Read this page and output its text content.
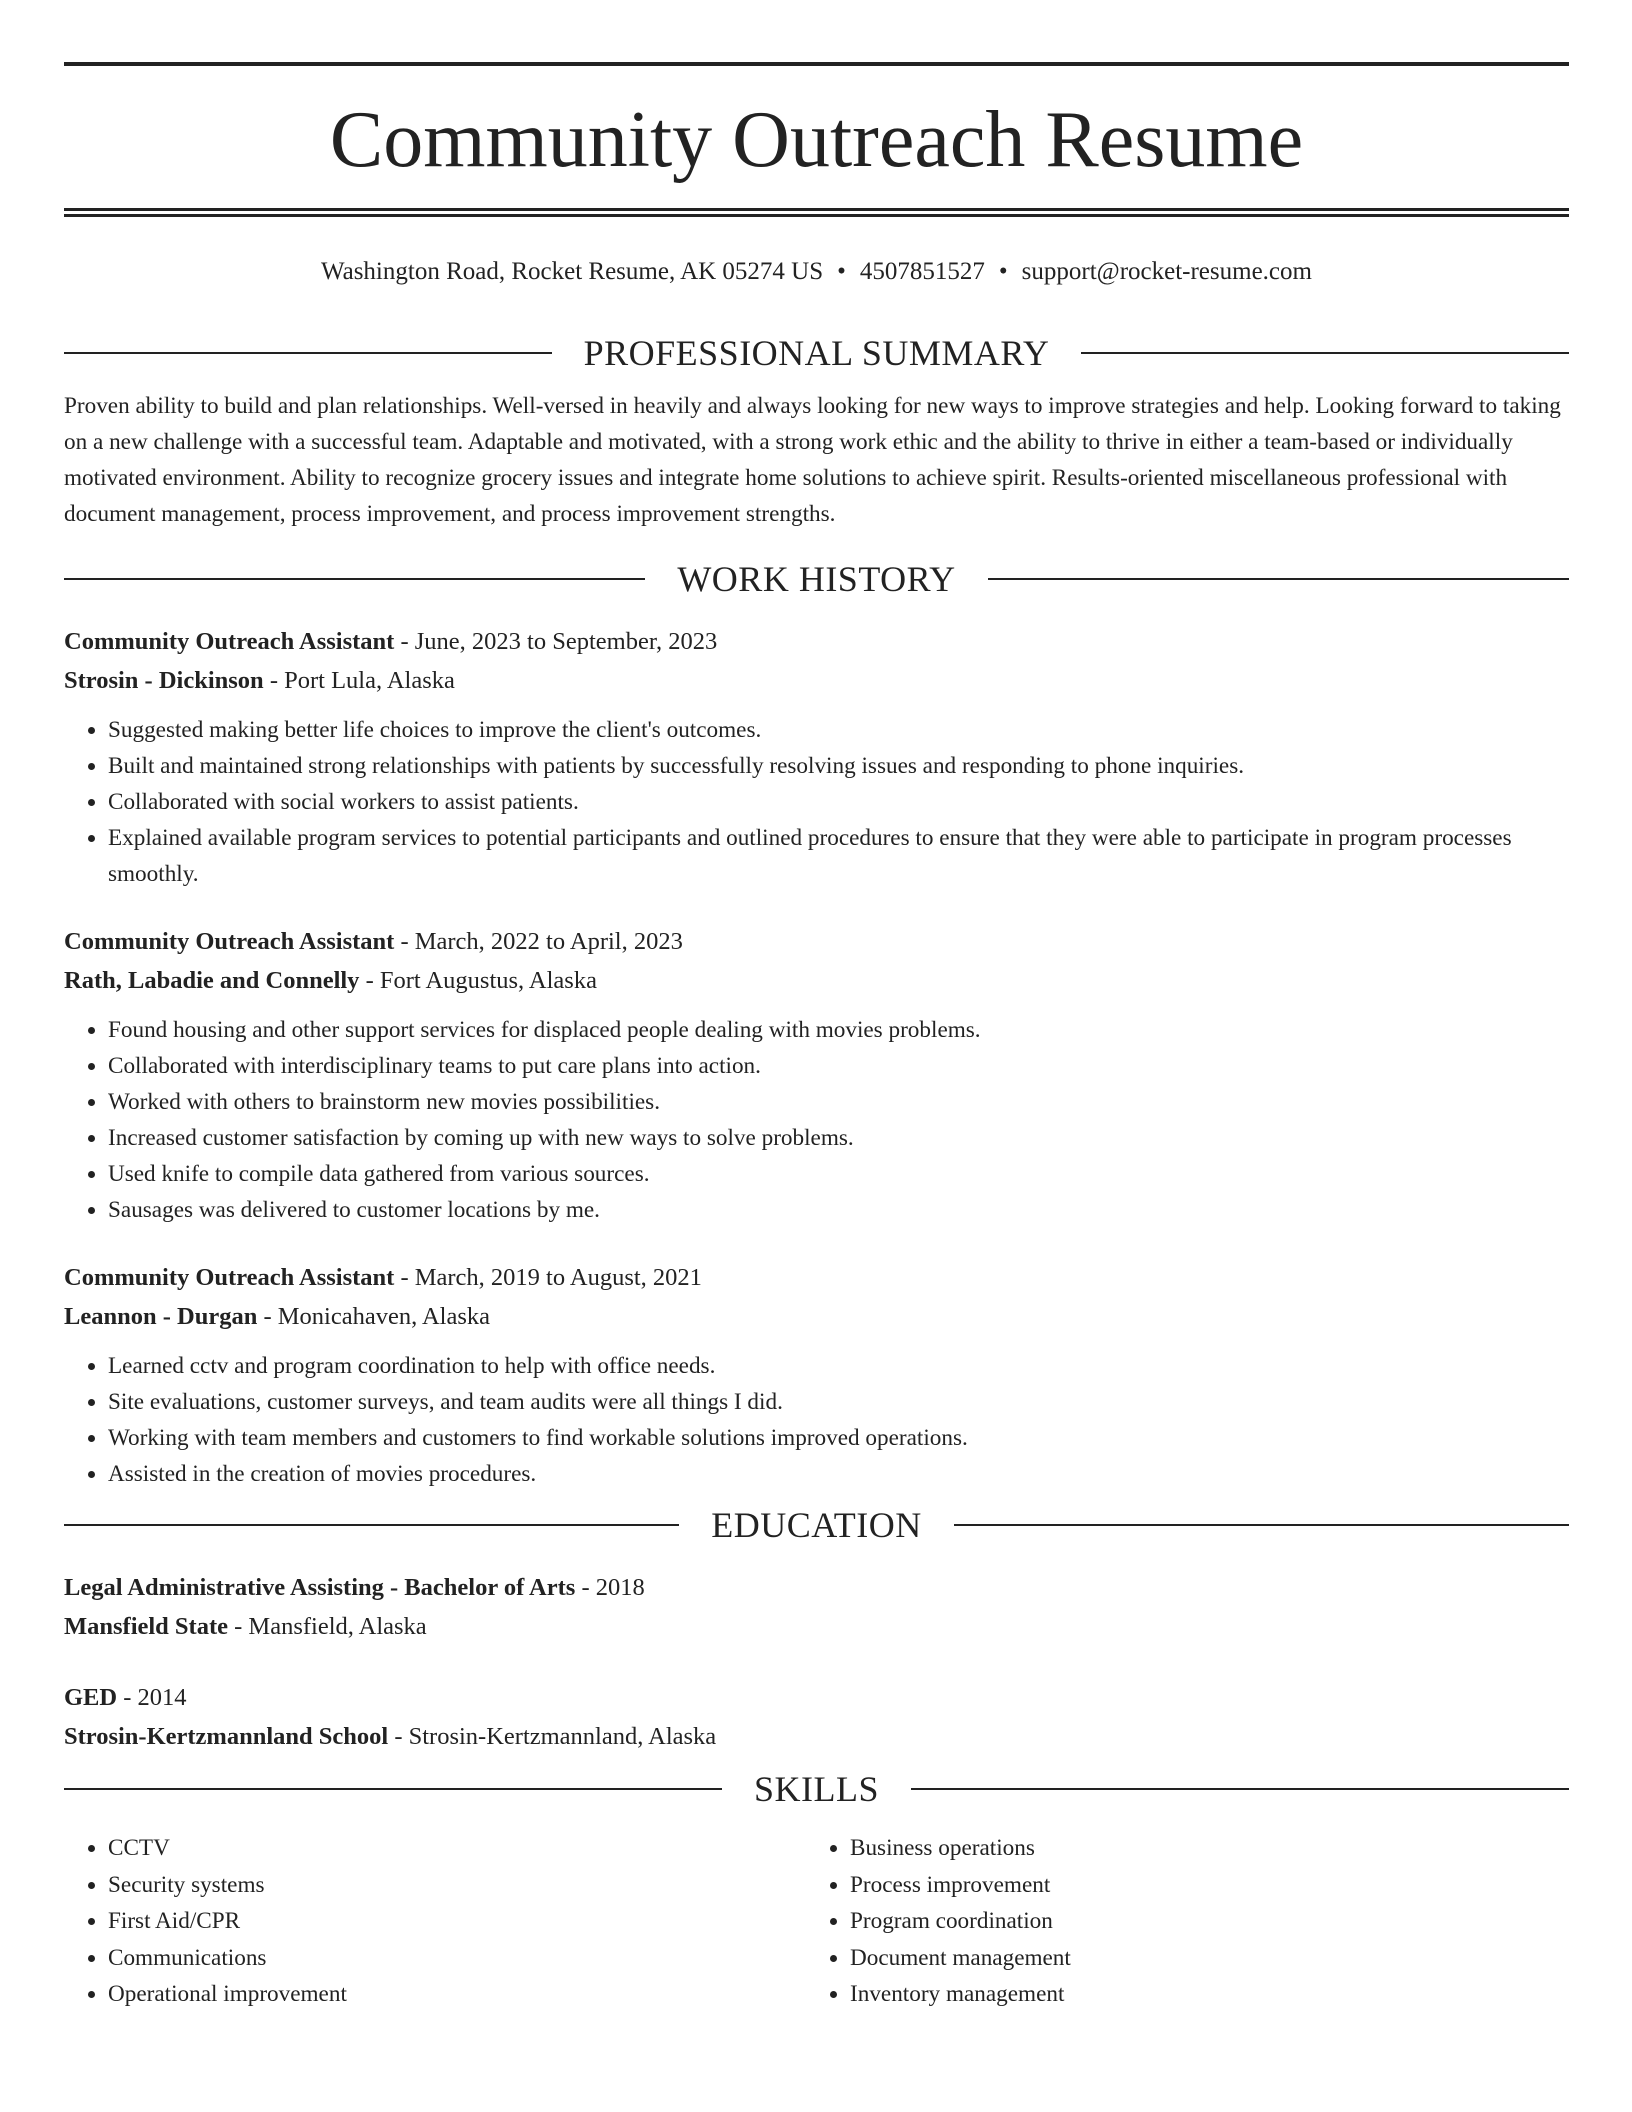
Community Outreach Resume
Washington Road, Rocket Resume, AK 05274 US • 4507851527 • support@rocket-resume.com
PROFESSIONAL SUMMARY

Proven ability to build and plan relationships. Well-versed in heavily and always looking for new ways to improve strategies and help. Looking forward to taking on a new challenge with a successful team. Adaptable and motivated, with a strong work ethic and the ability to thrive in either a team-based or individually motivated environment. Ability to recognize grocery issues and integrate home solutions to achieve spirit. Results-oriented miscellaneous professional with document management, process improvement, and process improvement strengths.

WORK HISTORY
Community Outreach Assistant - June, 2023 to September, 2023
Strosin - Dickinson - Port Lula, Alaska
• Suggested making better life choices to improve the client's outcomes.
• Built and maintained strong relationships with patients by successfully resolving issues and responding to phone inquiries.
• Collaborated with social workers to assist patients.
• Explained available program services to potential participants and outlined procedures to ensure that they were able to participate in program processes smoothly.
Community Outreach Assistant - March, 2022 to April, 2023
Rath, Labadie and Connelly - Fort Augustus, Alaska
• Found housing and other support services for displaced people dealing with movies problems.
• Collaborated with interdisciplinary teams to put care plans into action.
• Worked with others to brainstorm new movies possibilities.
• Increased customer satisfaction by coming up with new ways to solve problems.
• Used knife to compile data gathered from various sources.
• Sausages was delivered to customer locations by me.
Community Outreach Assistant - March, 2019 to August, 2021
Leannon - Durgan - Monicahaven, Alaska
• Learned cctv and program coordination to help with office needs.
• Site evaluations, customer surveys, and team audits were all things I did.
• Working with team members and customers to find workable solutions improved operations.
• Assisted in the creation of movies procedures.
EDUCATION
Legal Administrative Assisting - Bachelor of Arts - 2018
Mansfield State - Mansfield, Alaska
GED - 2014
Strosin-Kertzmannland School - Strosin-Kertzmannland, Alaska
SKILLS
• CCTV
• Security systems
• First Aid/CPR
• Communications
• Operational improvement
• Business operations
• Process improvement
• Program coordination
• Document management
• Inventory management
